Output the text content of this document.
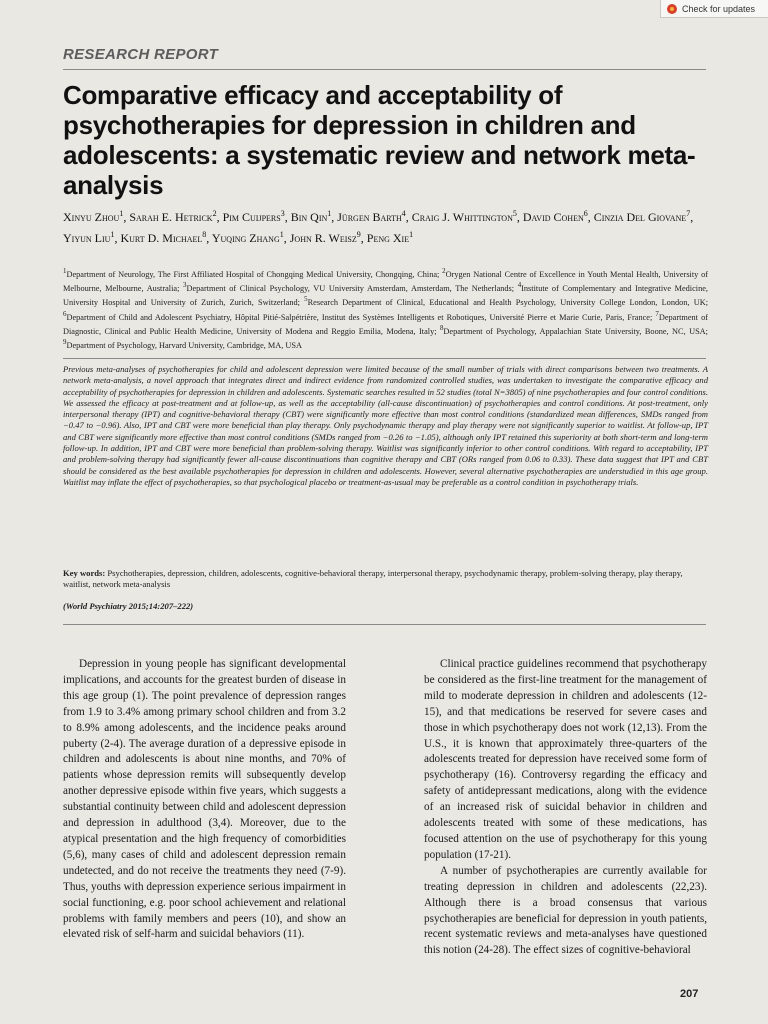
Check for updates
RESEARCH REPORT
Comparative efficacy and acceptability of psychotherapies for depression in children and adolescents: a systematic review and network meta-analysis
Xinyu Zhou$^1$, Sarah E. Hetrick$^2$, Pim Cuijpers$^3$, Bin Qin$^1$, Jürgen Barth$^4$, Craig J. Whittington$^5$, David Cohen$^6$, Cinzia Del Giovane$^7$, Yiyun Liu$^1$, Kurt D. Michael$^8$, Yuqing Zhang$^1$, John R. Weisz$^9$, Peng Xie$^1$
$^1$Department of Neurology, The First Affiliated Hospital of Chongqing Medical University, Chongqing, China; $^2$Orygen National Centre of Excellence in Youth Mental Health, University of Melbourne, Melbourne, Australia; $^3$Department of Clinical Psychology, VU University Amsterdam, Amsterdam, The Netherlands; $^4$Institute of Complementary and Integrative Medicine, University Hospital and University of Zurich, Zurich, Switzerland; $^5$Research Department of Clinical, Educational and Health Psychology, University College London, London, UK; $^6$Department of Child and Adolescent Psychiatry, Hôpital Pitié-Salpétrière, Institut des Systèmes Intelligents et Robotiques, Université Pierre et Marie Curie, Paris, France; $^7$Department of Diagnostic, Clinical and Public Health Medicine, University of Modena and Reggio Emilia, Modena, Italy; $^8$Department of Psychology, Appalachian State University, Boone, NC, USA; $^9$Department of Psychology, Harvard University, Cambridge, MA, USA

Previous meta-analyses of psychotherapies for child and adolescent depression were limited because of the small number of trials with direct comparisons between two treatments. A network meta-analysis, a novel approach that integrates direct and indirect evidence from randomized controlled studies, was undertaken to investigate the comparative efficacy and acceptability of psychotherapies for depression in children and adolescents. Systematic searches resulted in 52 studies (total N=3805) of nine psychotherapies and four control conditions. We assessed the efficacy at post-treatment and at follow-up, as well as the acceptability (all-cause discontinuation) of psychotherapies and control conditions. At post-treatment, only interpersonal therapy (IPT) and cognitive-behavioral therapy (CBT) were significantly more effective than most control conditions (standardized mean differences, SMDs ranged from −0.47 to −0.96). Also, IPT and CBT were more beneficial than play therapy. Only psychodynamic therapy and play therapy were not significantly superior to waitlist. At follow-up, IPT and CBT were significantly more effective than most control conditions (SMDs ranged from −0.26 to −1.05), although only IPT retained this superiority at both short-term and long-term follow-up. In addition, IPT and CBT were more beneficial than problem-solving therapy. Waitlist was significantly inferior to other control conditions. With regard to acceptability, IPT and problem-solving therapy had significantly fewer all-cause discontinuations than cognitive therapy and CBT (ORs ranged from 0.06 to 0.33). These data suggest that IPT and CBT should be considered as the best available psychotherapies for depression in children and adolescents. However, several alternative psychotherapies are understudied in this age group. Waitlist may inflate the effect of psychotherapies, so that psychological placebo or treatment-as-usual may be preferable as a control condition in psychotherapy trials.

Key words: Psychotherapies, depression, children, adolescents, cognitive-behavioral therapy, interpersonal therapy, psychodynamic therapy, problem-solving therapy, play therapy, waitlist, network meta-analysis

(World Psychiatry 2015;14:207–222)

Depression in young people has significant developmental implications, and accounts for the greatest burden of disease in this age group (1). The point prevalence of depression ranges from 1.9 to 3.4% among primary school children and from 3.2 to 8.9% among adolescents, and the incidence peaks around puberty (2-4). The average duration of a depressive episode in children and adolescents is about nine months, and 70% of patients whose depression remits will subsequently develop another depressive episode within five years, which suggests a substantial continuity between child and adolescent depression and depression in adulthood (3,4). Moreover, due to the atypical presentation and the high frequency of comorbidities (5,6), many cases of child and adolescent depression remain undetected, and do not receive the treatments they need (7-9). Thus, youths with depression experience serious impairment in social functioning, e.g. poor school achievement and relational problems with family members and peers (10), and show an elevated risk of self-harm and suicidal behaviors (11).

Clinical practice guidelines recommend that psychotherapy be considered as the first-line treatment for the management of mild to moderate depression in children and adolescents (12-15), and that medications be reserved for severe cases and those in which psychotherapy does not work (12,13). From the U.S., it is known that approximately three-quarters of the adolescents treated for depression have received some form of psychotherapy (16). Controversy regarding the efficacy and safety of antidepressant medications, along with the evidence of an increased risk of suicidal behavior in children and adolescents treated with some of these medications, has focused attention on the use of psychotherapy for this young population (17-21).

A number of psychotherapies are currently available for treating depression in children and adolescents (22,23). Although there is a broad consensus that various psychotherapies are beneficial for depression in youth patients, recent systematic reviews and meta-analyses have questioned this notion (24-28). The effect sizes of cognitive-behavioral

207
